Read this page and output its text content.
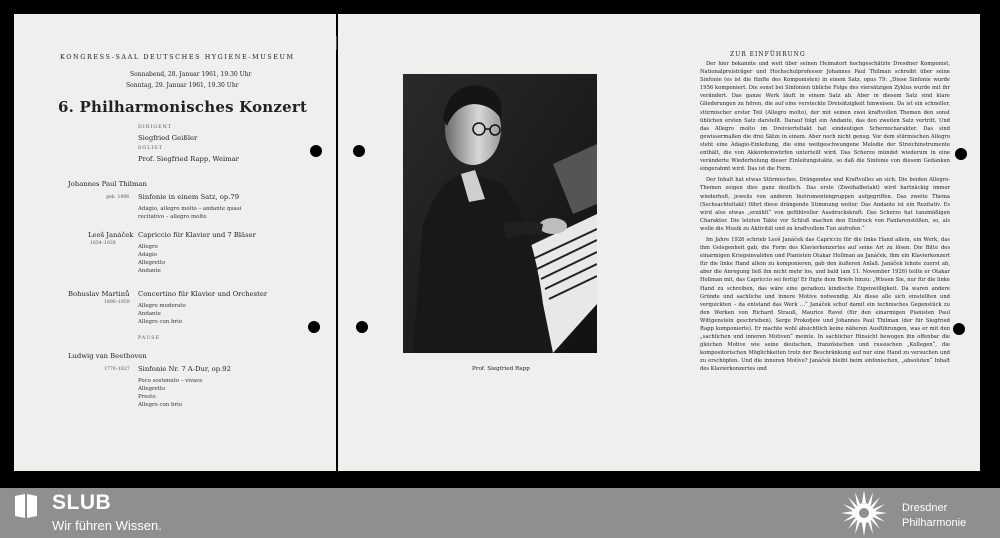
KONGRESS-SAAL DEUTSCHES HYGIENE-MUSEUM
Sonnabend, 28. Januar 1961, 19.30 Uhr
Sonntag, 29. Januar 1961, 19.30 Uhr
6. Philharmonisches Konzert
DIRIGENT
Siegfried Geißler
SOLIST
Prof. Siegfried Rapp, Weimar
Johannes Paul Thilman
geb. 1906 Sinfonie in einem Satz, op.79
Adagio, allegro molto – andante quasi
recitativo – allegro molto
Leoš Janáček
1854–1928
Capriccio für Klavier und 7 Bläser
Allegro
Adagio
Allegretto
Andante
Bohuslav Martinů
1890–1959
Concertino für Klavier und Orchester
Allegro moderato
Andante
Allegro con brio
PAUSE
Ludwig van Beethoven
1770–1827 Sinfonie Nr. 7 A-Dur, op.92
Poco sostenuto – vivace
Allegretto
Presto
Allegro con brio
Prof. Siegfried Rapp
ZUR EINFÜHRUNG

Der hier bekannte und weit über seinen Heimatort hochgeschätzte Dresdner Komponist, Nationalpreisträger und Hochschulprofessor Johannes Paul Thilman schreibt über seine Sinfonie (es ist die fünfte des Komponisten) in einem Satz, opus 79: „Diese Sinfonie wurde 1956 komponiert. Die sonst bei Sinfonien übliche Folge des viersätzigen Zyklus wurde mit ihr verändert. Das ganze Werk läuft in einem Satz ab. Aber in diesem Satz sind klare Gliederungen zu hören, die auf eine versteckte Dreisätzigkeit hinweisen. Da ist ein schneller, stürmischer erster Teil (Allegro molto), der mit seinen zwei kraftvollen Themen den sonst üblichen ersten Satz darstellt. Darauf folgt ein Andante, das den zweiten Satz vertritt. Und das Allegro molto im Dreivierteltakt hat eindeutigen Scherzocharakter. Das sind gewissermaßen die drei Sätze in einem. Aber noch nicht genug. Vor dem stürmischen Allegro steht eine Adagio-Einleitung, die eine weitgeschwungene Melodie der Streichinstrumente enthält, die von Akkordeinwürfen unterteilt wird. Das Scherzo mündet wiederum in eine veränderte Wiederholung dieser Einleitungstakte, so daß die Sinfonie von diesem Gedanken eingerahmt wird. Das ist die Form.

Der Inhalt hat etwas Stürmisches, Drängendes und Kraftvolles an sich. Die beiden Allegro-Themen zeigen dies ganz deutlich. Das erste (Zweihalbetakt) wird hartnäckig immer wiederholt, jeweils von anderen Instrumentengruppen aufgegriffen. Das zweite Thema (Sechsachteltakt) führt diese drängende Stimmung weiter. Das Andante ist ein Rezitativ. Es wird also etwas „erzählt“ von gefühlvoller Ausdruckskraft. Das Scherzo hat tanzmäßigen Charakter. Die letzten Takte vor Schluß machen den Eindruck von Fanfarenstößen, so, als wolle die Musik zu Aktivität und zu kraftvollem Tun aufrufen.“

Im Jahre 1926 schrieb Leoš Janáček das Capriccio für die linke Hand allein, ein Werk, das ihm Gelegenheit gab, die Form des Klavierkonzertes auf seine Art zu lösen. Die Bitte des einarmigen Kriegsinvaliden und Pianisten Otakar Hollman an Janáček, ihm ein Klavierkonzert für die linke Hand allein zu komponieren, gab den äußeren Anlaß. Janáček lehnte zuerst ab, aber die Anregung ließ ihn nicht mehr los, und bald (am 11. November 1926) teilte er Otakar Hollman mit, das Capriccio sei fertig! Er fügte dem Briefe hinzu: „Wissen Sie, nur für die linke Hand zu schreiben, das wäre eine geradezu kindische Eigenwilligkeit. Da waren andere Gründe und sachliche und innere Motive notwendig. Als diese alle sich einstellten und verquickten – da entstand das Werk …“ Janáček schuf damit ein technisches Gegenstück zu den Werken von Richard Strauß, Maurice Ravel (für den einarmigen Pianisten Paul Wittgenstein geschrieben), Serge Prokofjew und Johannes Paul Thilman (der für Siegfried Rapp komponierte). Er machte wohl absichtlich keine näheren Ausführungen, was er mit den „sachlichen und inneren Motiven“ meinte. In sachlicher Hinsicht bewogen ihn offenbar die gleichen Motive wie seine deutschen, französischen und russischen „Kollegen“, die kompositorischen Möglichkeiten trotz der Beschränkung auf nur eine Hand zu versuchen und zu erschöpfen. Und die inneren Motive? Janáček bleibt beim sinfonischen, „absoluten“ Inhalt des Klavierkonzertes und

SLUB
Wir führen Wissen.
Dresdner
Philharmonie
